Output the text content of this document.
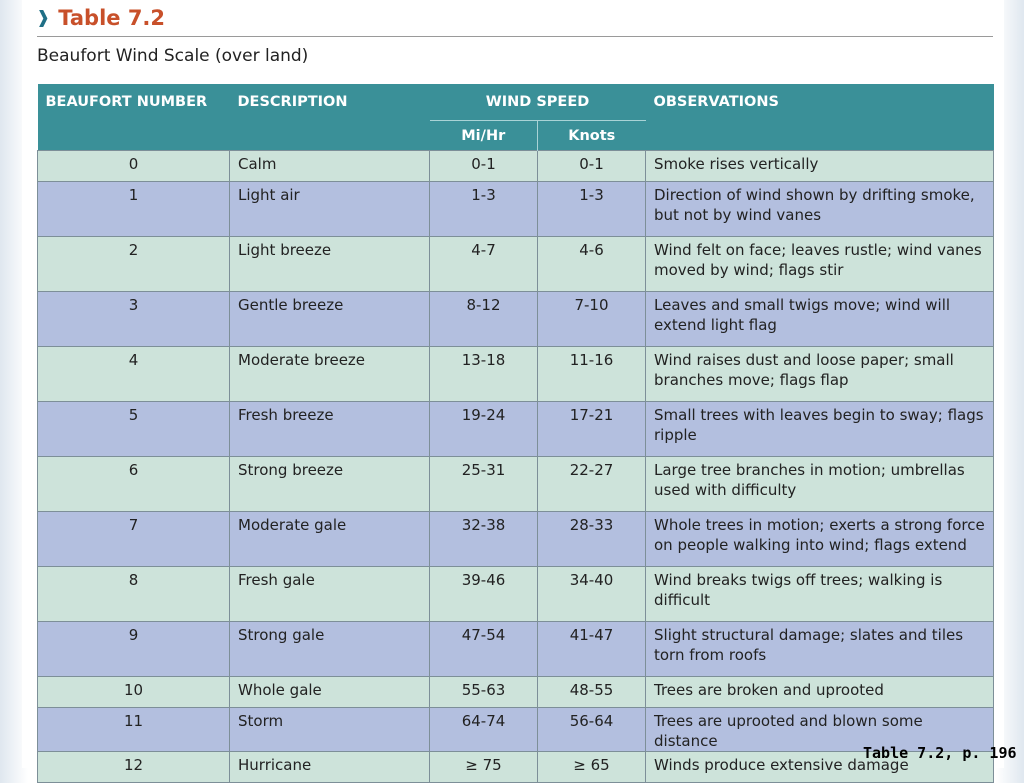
❱ Table 7.2
Beaufort Wind Scale (over land)
BEAUFORT NUMBER	DESCRIPTION	WIND SPEED		OBSERVATIONS
		Mi/Hr	Knots	
0	Calm	0-1	0-1	Smoke rises vertically
1	Light air	1-3	1-3	Direction of wind shown by drifting smoke, but not by wind vanes
2	Light breeze	4-7	4-6	Wind felt on face; leaves rustle; wind vanes moved by wind; flags stir
3	Gentle breeze	8-12	7-10	Leaves and small twigs move; wind will extend light flag
4	Moderate breeze	13-18	11-16	Wind raises dust and loose paper; small branches move; flags flap
5	Fresh breeze	19-24	17-21	Small trees with leaves begin to sway; flags ripple
6	Strong breeze	25-31	22-27	Large tree branches in motion; umbrellas used with difficulty
7	Moderate gale	32-38	28-33	Whole trees in motion; exerts a strong force on people walking into wind; flags extend
8	Fresh gale	39-46	34-40	Wind breaks twigs off trees; walking is difficult
9	Strong gale	47-54	41-47	Slight structural damage; slates and tiles torn from roofs
10	Whole gale	55-63	48-55	Trees are broken and uprooted
11	Storm	64-74	56-64	Trees are uprooted and blown some distance
12	Hurricane	≥ 75	≥ 65	Winds produce extensive damage
Table 7.2, p. 196
